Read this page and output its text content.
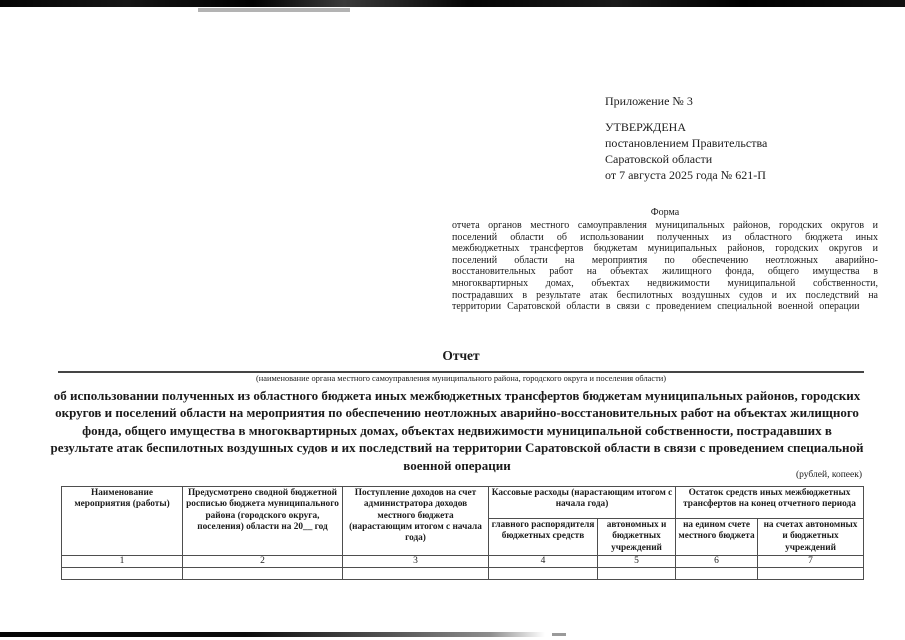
Приложение № 3
УТВЕРЖДЕНА
постановлением Правительства
Саратовской области
от 7 августа 2025 года № 621-П
Форма
отчета органов местного самоуправления муниципальных районов, городских округов и поселений области об использовании полученных из областного бюджета иных межбюджетных трансфертов бюджетам муниципальных районов, городских округов и поселений области на мероприятия по обеспечению неотложных аварийно-восстановительных работ на объектах жилищного фонда, общего имущества в многоквартирных домах, объектах недвижимости муниципальной собственности, пострадавших в результате атак беспилотных воздушных судов и их последствий на территории Саратовской области в связи с проведением специальной военной операции
Отчет
(наименование органа местного самоуправления муниципального района, городского округа и поселения области)
об использовании полученных из областного бюджета иных межбюджетных трансфертов бюджетам муниципальных районов, городских округов и поселений области на мероприятия по обеспечению неотложных аварийно-восстановительных работ на объектах жилищного фонда, общего имущества в многоквартирных домах, объектах недвижимости муниципальной собственности, пострадавших в результате атак беспилотных воздушных судов и их последствий на территории Саратовской области в связи с проведением специальной военной операции
(рублей, копеек)
Наименование мероприятия (работы)	Предусмотрено сводной бюджетной росписью бюджета муниципального района (городского округа, поселения) области на 20__ год	Поступление доходов на счет администратора доходов местного бюджета (нарастающим итогом с начала года)	Кассовые расходы (нарастающим итогом с начала года)		Остаток средств иных межбюджетных трансфертов на конец отчетного периода	
			главного распорядителя бюджетных средств	автономных и бюджетных учреждений	на едином счете местного бюджета	на счетах автономных и бюджетных учреждений
1	2	3	4	5	6	7
